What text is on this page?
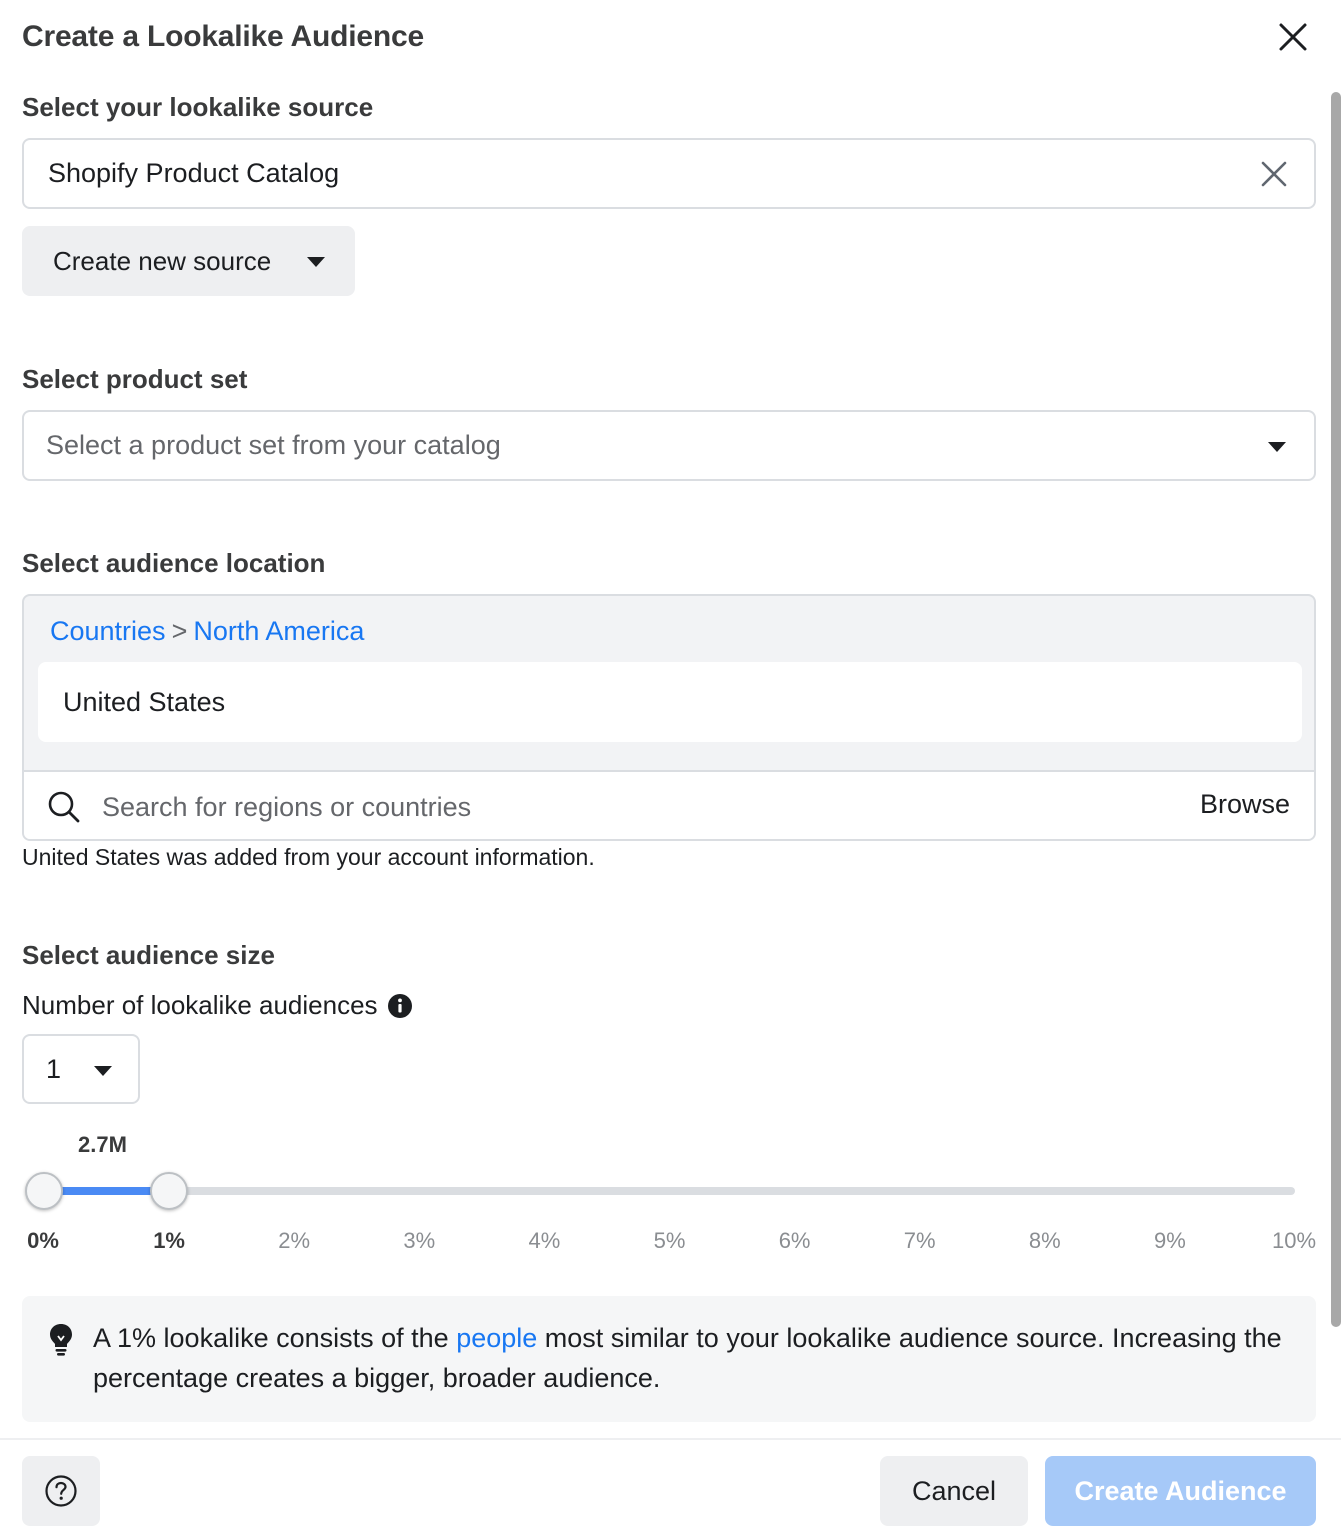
Create a Lookalike Audience
Select your lookalike source
Shopify Product Catalog
Create new source
Select product set
Select a product set from your catalog
Select audience location
Countries > North America
United States
Search for regions or countries
Browse
United States was added from your account information.
Select audience size
Number of lookalike audiences
1
2.7M
0%	1%	2%	3%	4%	5%	6%	7%	8%	9%	10%
A 1% lookalike consists of the people most similar to your lookalike audience source. Increasing the percentage creates a bigger, broader audience.
Cancel	Create Audience
